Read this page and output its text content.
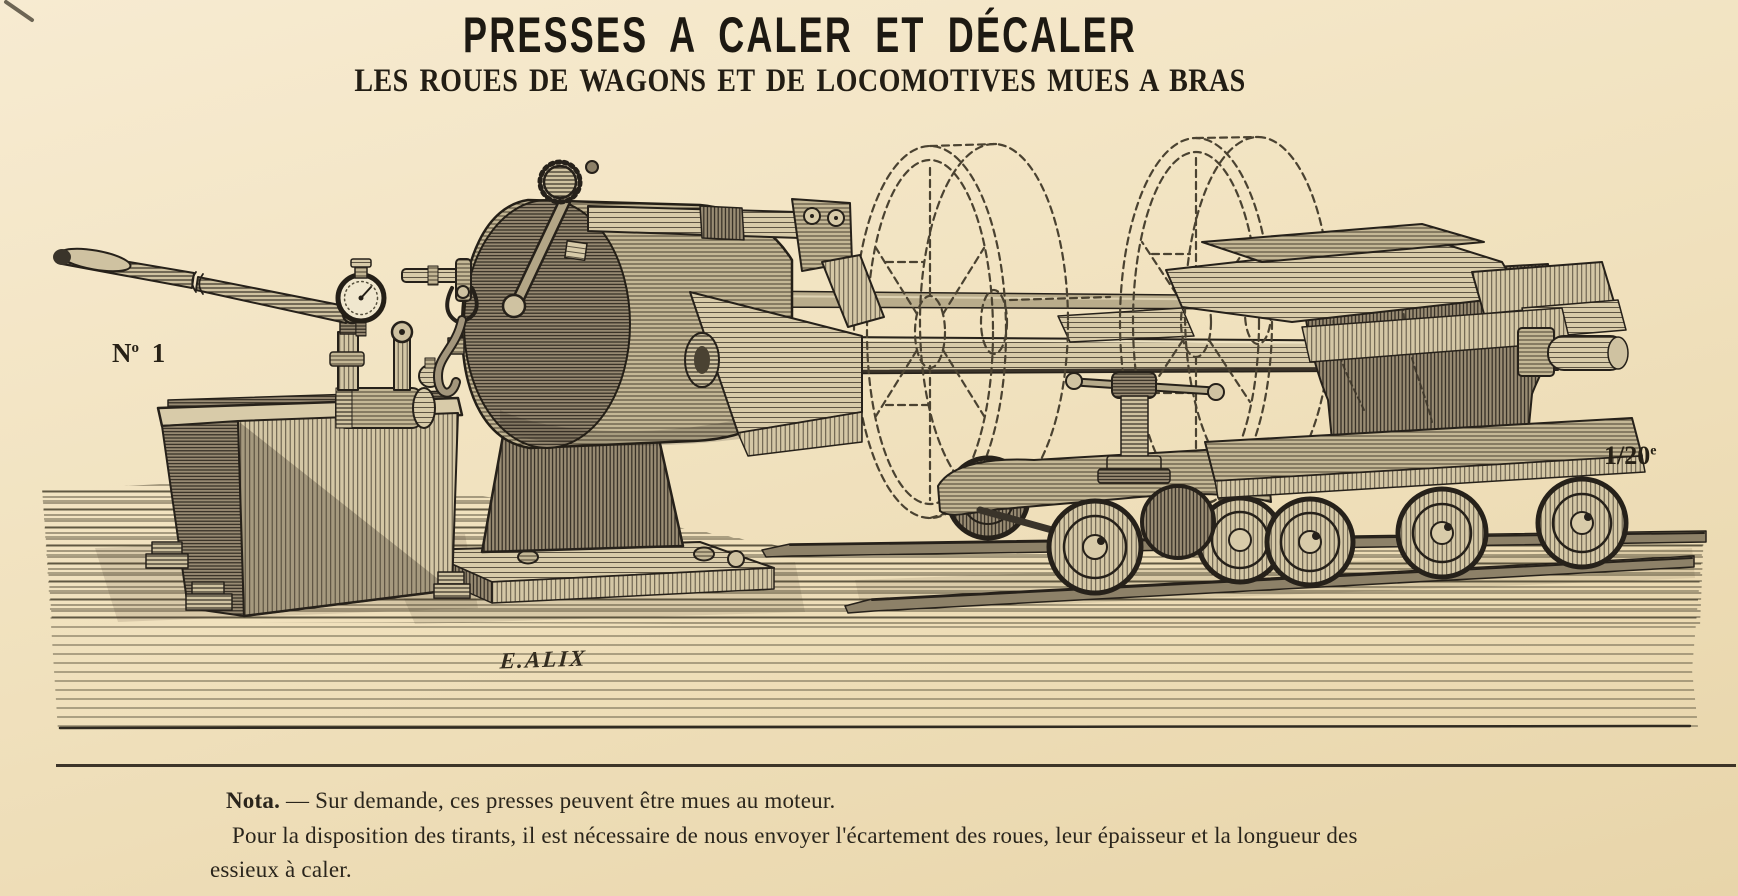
PRESSES A CALER ET DÉCALER
LES ROUES DE WAGONS ET DE LOCOMOTIVES MUES A BRAS
$N^o$ 1
1/20e
E.ALIX
Nota. — Sur demande, ces presses peuvent être mues au moteur.
Pour la disposition des tirants, il est nécessaire de nous envoyer l'écartement des roues, leur épaisseur et la longueur des
essieux à caler.
